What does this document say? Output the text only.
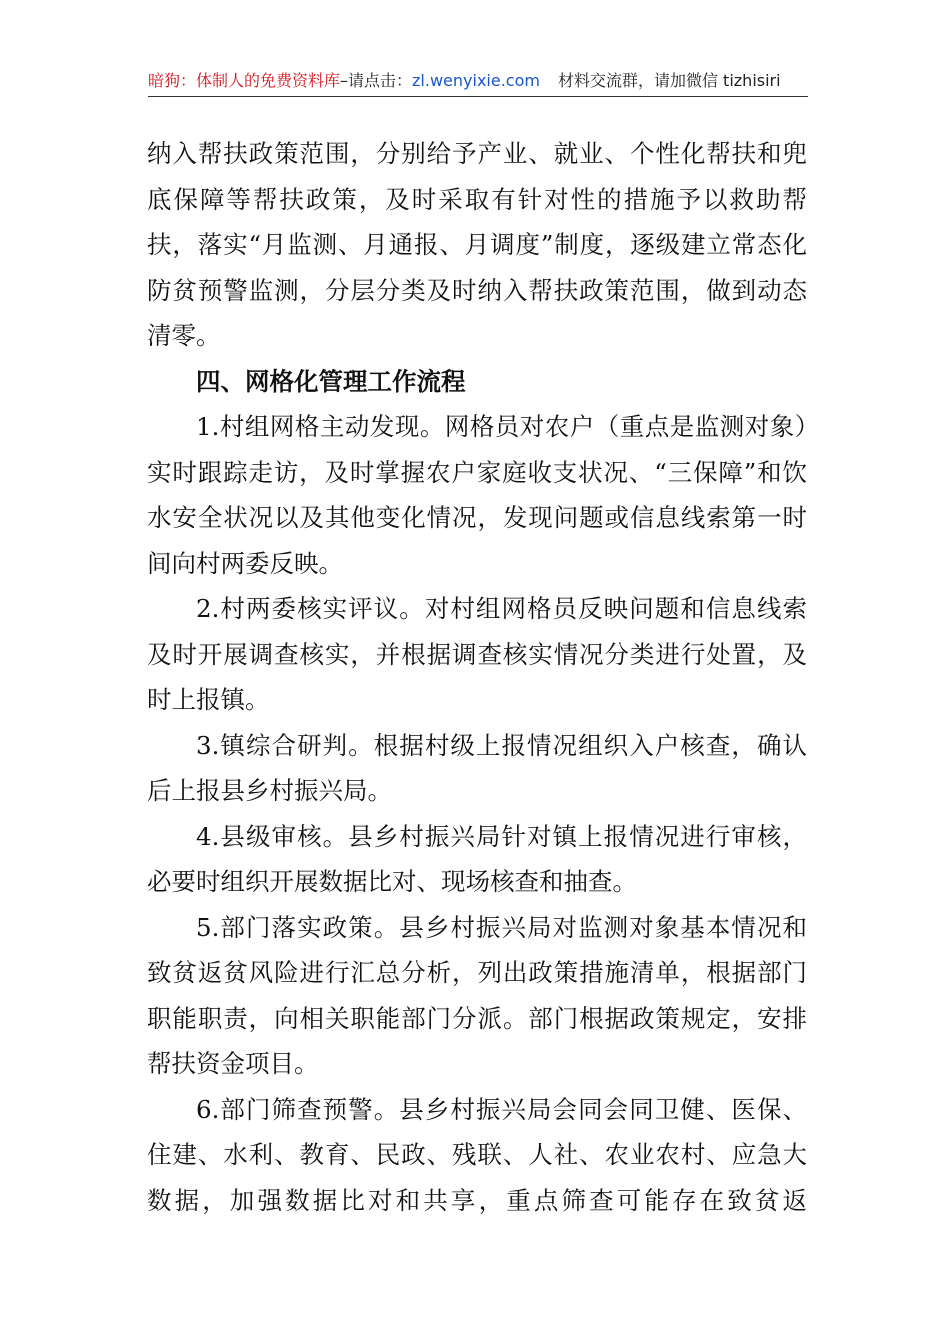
暗狗：体制人的免费资料库–请点击：zl.wenyixie.com 材料交流群，请加微信 tizhisiri

纳入帮扶政策范围，分别给予产业、就业、个性化帮扶和兜底保障等帮扶政策，及时采取有针对性的措施予以救助帮扶，落实“月监测、月通报、月调度”制度，逐级建立常态化防贫预警监测，分层分类及时纳入帮扶政策范围，做到动态清零。

四、网格化管理工作流程

1.村组网格主动发现。网格员对农户（重点是监测对象）实时跟踪走访，及时掌握农户家庭收支状况、“三保障”和饮水安全状况以及其他变化情况，发现问题或信息线索第一时间向村两委反映。

2.村两委核实评议。对村组网格员反映问题和信息线索及时开展调查核实，并根据调查核实情况分类进行处置，及时上报镇。

3.镇综合研判。根据村级上报情况组织入户核查，确认后上报县乡村振兴局。

4.县级审核。县乡村振兴局针对镇上报情况进行审核，必要时组织开展数据比对、现场核查和抽查。

5.部门落实政策。县乡村振兴局对监测对象基本情况和致贫返贫风险进行汇总分析，列出政策措施清单，根据部门职能职责，向相关职能部门分派。部门根据政策规定，安排帮扶资金项目。

6.部门筛查预警。县乡村振兴局会同会同卫健、医保、住建、水利、教育、民政、残联、人社、农业农村、应急大数据，加强数据比对和共享，重点筛查可能存在致贫返
